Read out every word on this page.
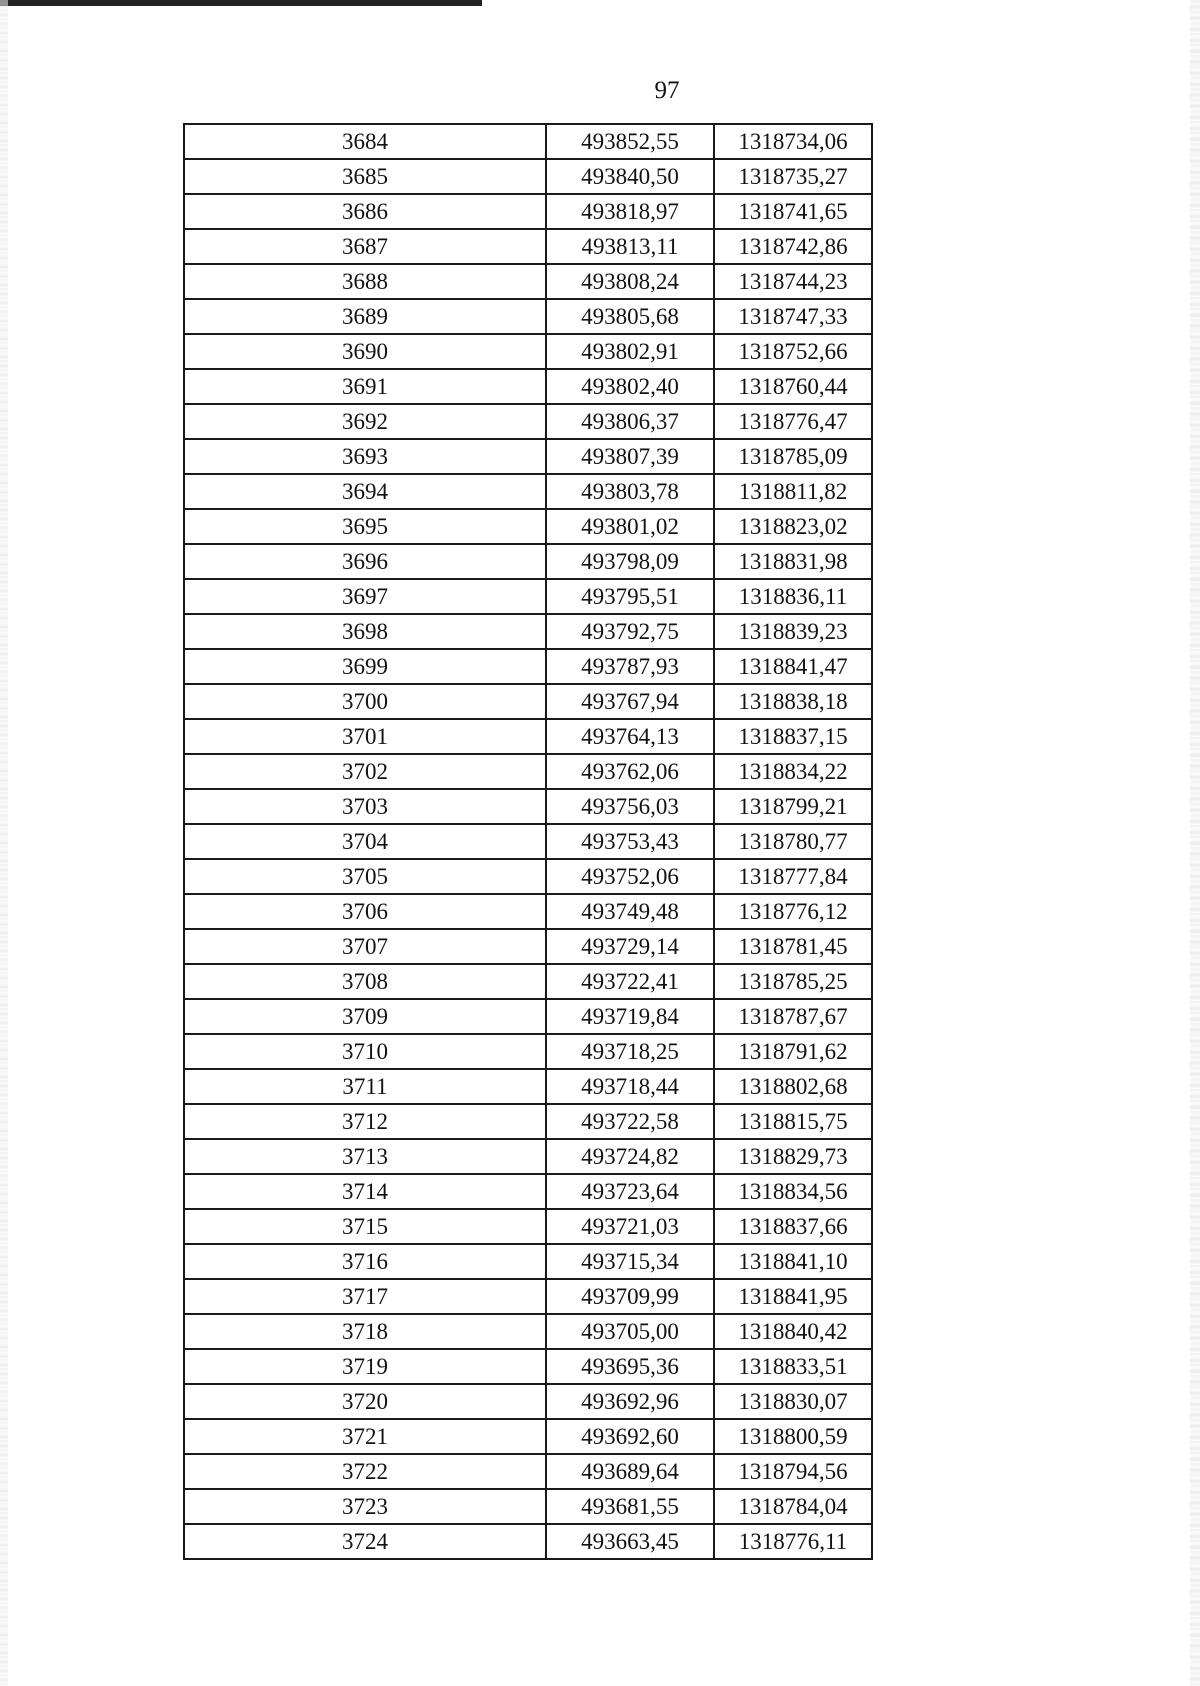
97
3684	493852,55	1318734,06
3685	493840,50	1318735,27
3686	493818,97	1318741,65
3687	493813,11	1318742,86
3688	493808,24	1318744,23
3689	493805,68	1318747,33
3690	493802,91	1318752,66
3691	493802,40	1318760,44
3692	493806,37	1318776,47
3693	493807,39	1318785,09
3694	493803,78	1318811,82
3695	493801,02	1318823,02
3696	493798,09	1318831,98
3697	493795,51	1318836,11
3698	493792,75	1318839,23
3699	493787,93	1318841,47
3700	493767,94	1318838,18
3701	493764,13	1318837,15
3702	493762,06	1318834,22
3703	493756,03	1318799,21
3704	493753,43	1318780,77
3705	493752,06	1318777,84
3706	493749,48	1318776,12
3707	493729,14	1318781,45
3708	493722,41	1318785,25
3709	493719,84	1318787,67
3710	493718,25	1318791,62
3711	493718,44	1318802,68
3712	493722,58	1318815,75
3713	493724,82	1318829,73
3714	493723,64	1318834,56
3715	493721,03	1318837,66
3716	493715,34	1318841,10
3717	493709,99	1318841,95
3718	493705,00	1318840,42
3719	493695,36	1318833,51
3720	493692,96	1318830,07
3721	493692,60	1318800,59
3722	493689,64	1318794,56
3723	493681,55	1318784,04
3724	493663,45	1318776,11
